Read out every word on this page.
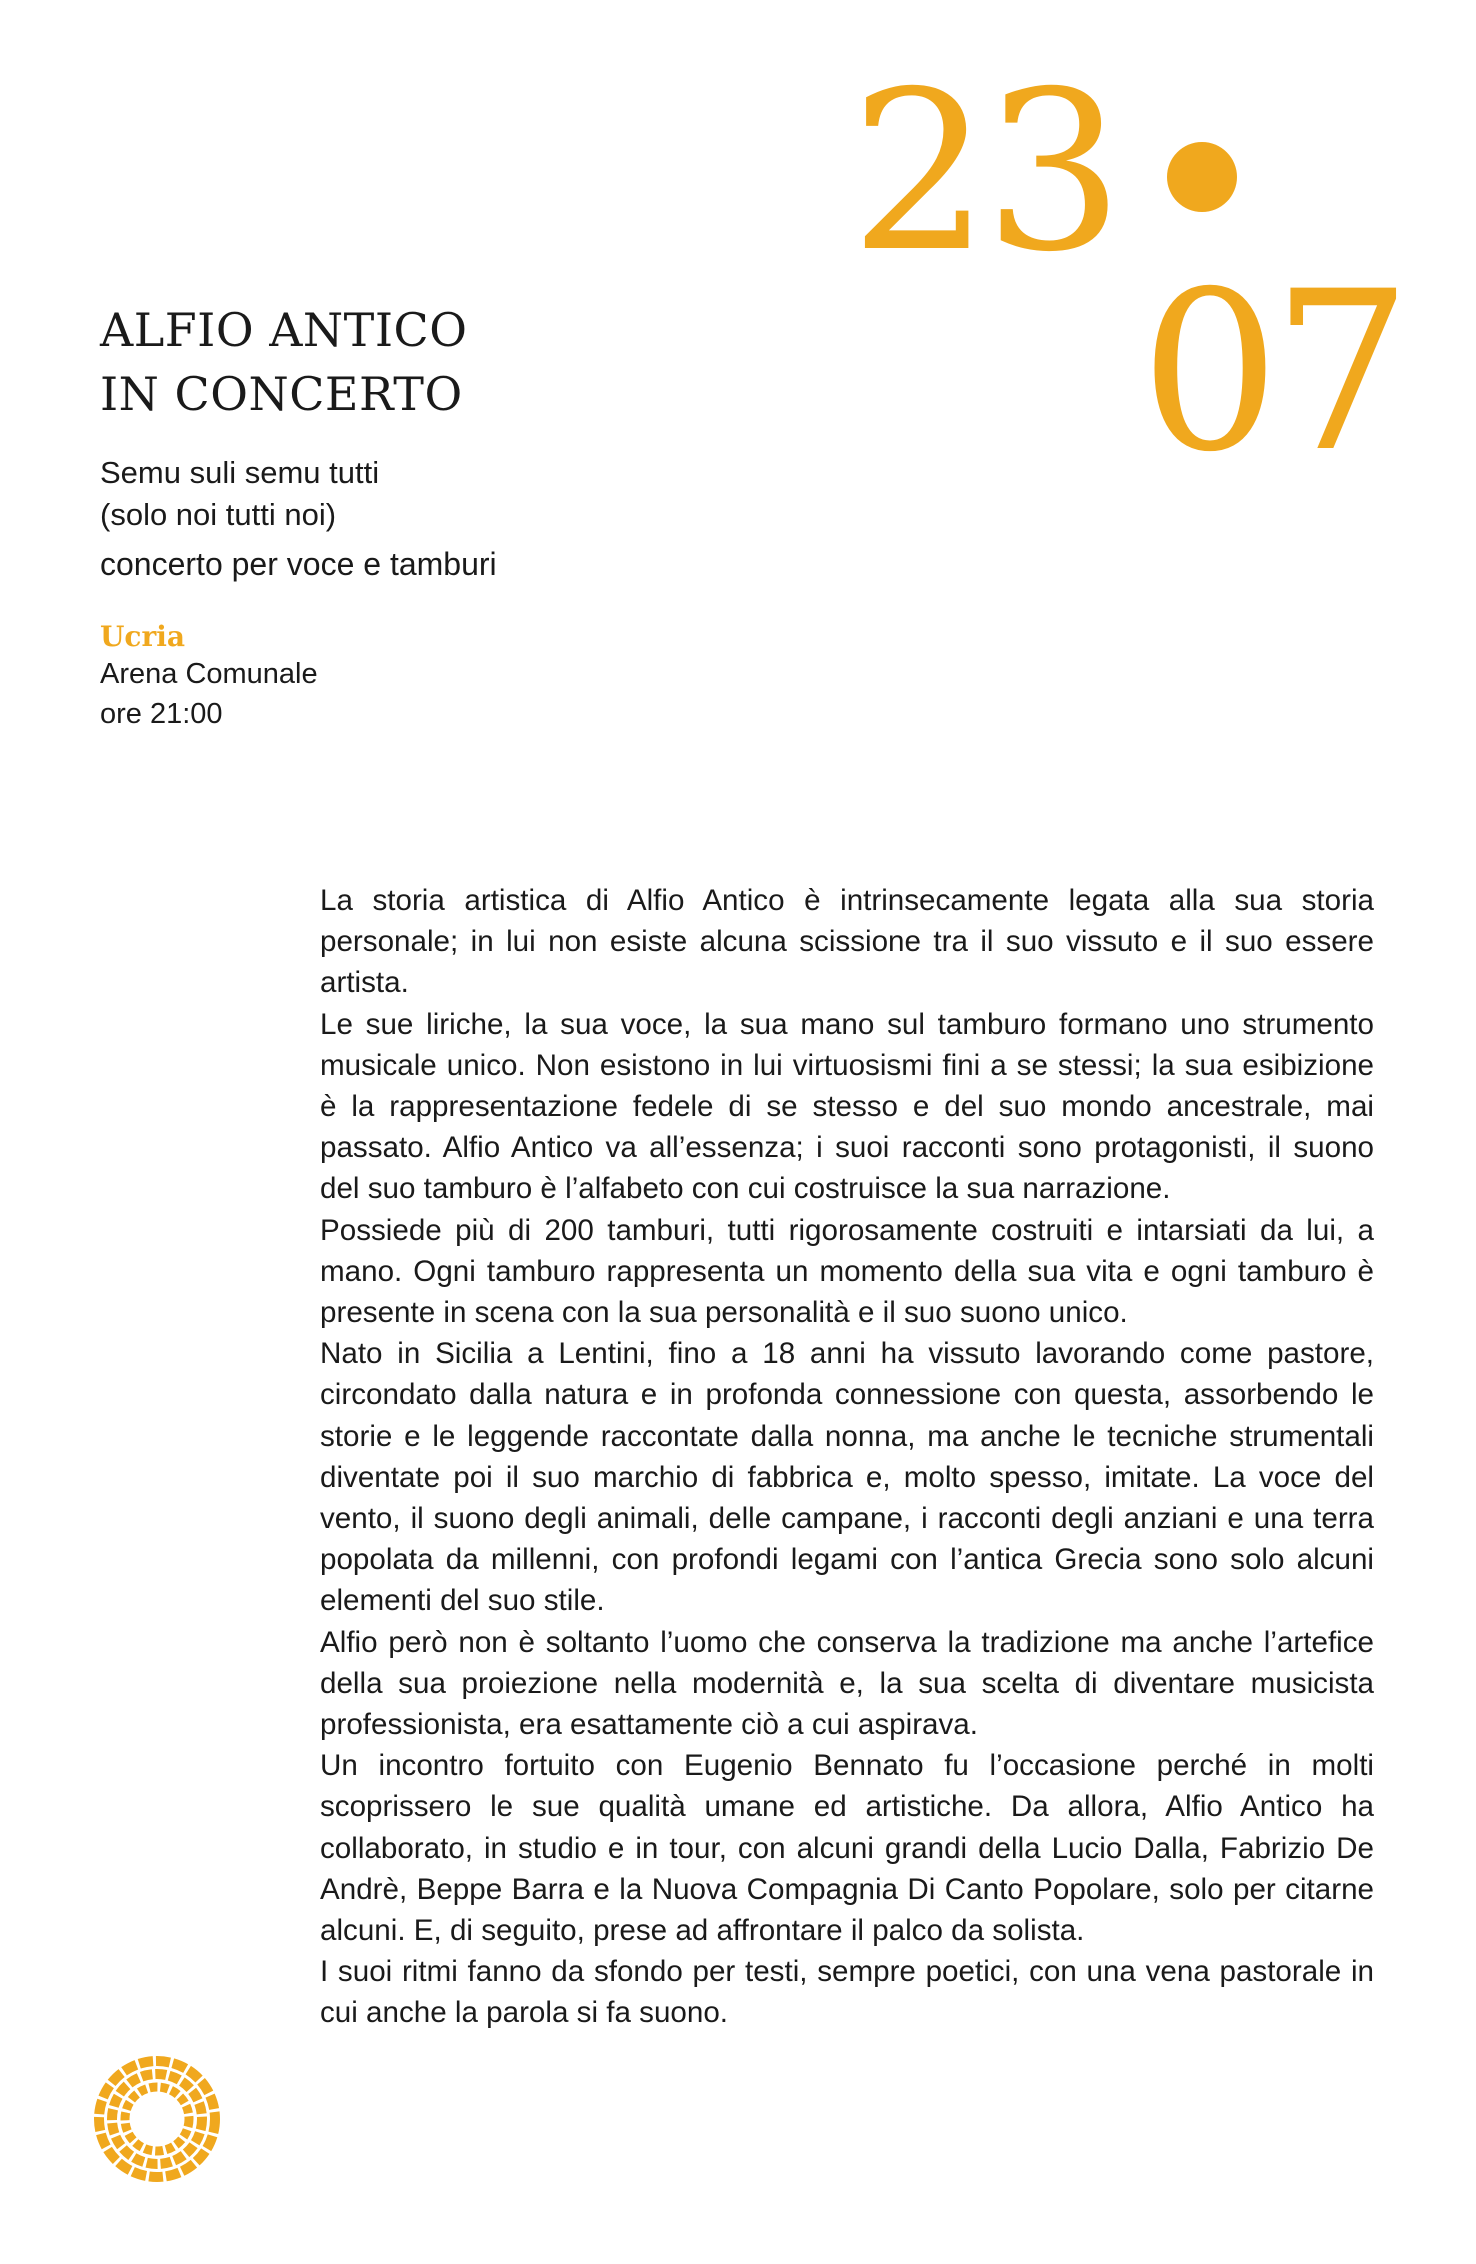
23
07
ALFIO ANTICO
IN CONCERTO
Semu suli semu tutti
(solo noi tutti noi)
concerto per voce e tamburi
Ucria
Arena Comunale
ore 21:00

La storia artistica di Alfio Antico è intrinsecamente legata alla sua storia personale; in lui non esiste alcuna scissione tra il suo vissuto e il suo essere artista.

Le sue liriche, la sua voce, la sua mano sul tamburo formano uno strumento musicale unico. Non esistono in lui virtuosismi fini a se stessi; la sua esibizione è la rappresentazione fedele di se stesso e del suo mondo ancestrale, mai passato. Alfio Antico va all’essenza; i suoi racconti sono protagonisti, il suono del suo tamburo è l’alfabeto con cui costruisce la sua narrazione.

Possiede più di 200 tamburi, tutti rigorosamente costruiti e intarsiati da lui, a mano. Ogni tamburo rappresenta un momento della sua vita e ogni tamburo è presente in scena con la sua personalità e il suo suono unico.

Nato in Sicilia a Lentini, fino a 18 anni ha vissuto lavorando come pastore, circondato dalla natura e in profonda connessione con questa, assorbendo le storie e le leggende raccontate dalla nonna, ma anche le tecniche strumentali diventate poi il suo marchio di fabbrica e, molto spesso, imitate. La voce del vento, il suono degli animali, delle campane, i racconti degli anziani e una terra popolata da millenni, con profondi legami con l’antica Grecia sono solo alcuni elementi del suo stile.

Alfio però non è soltanto l’uomo che conserva la tradizione ma anche l’artefice della sua proiezione nella modernità e, la sua scelta di diventare musicista professionista, era esattamente ciò a cui aspirava.

Un incontro fortuito con Eugenio Bennato fu l’occasione perché in molti scoprissero le sue qualità umane ed artistiche. Da allora, Alfio Antico ha collaborato, in studio e in tour, con alcuni grandi della Lucio Dalla, Fabrizio De Andrè, Beppe Barra e la Nuova Compagnia Di Canto Popolare, solo per citarne alcuni. E, di seguito, prese ad affrontare il palco da solista.

I suoi ritmi fanno da sfondo per testi, sempre poetici, con una vena pastorale in cui anche la parola si fa suono.
